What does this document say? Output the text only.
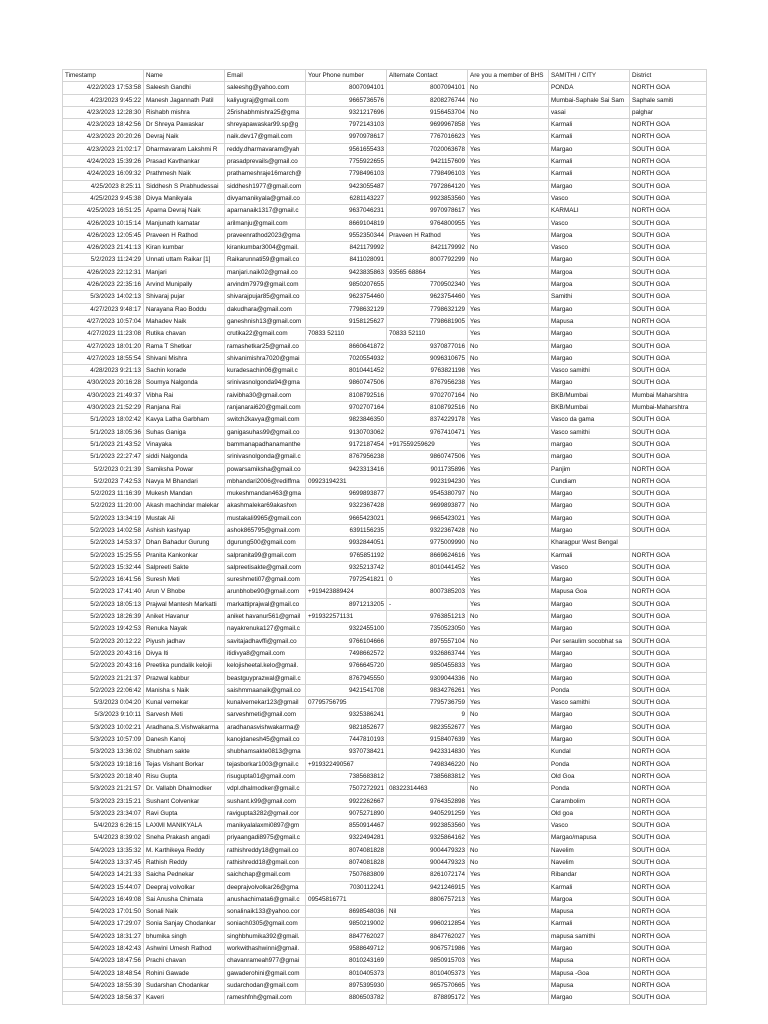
Timestamp	Name	Email	Your Phone number	Alternate Contact	Are you a member of BHS	SAMITHI / CITY	District
4/22/2023 17:53:58	Saleesh Gandhi	saleeshg@yahoo.com	8007094101	8007094101	No	PONDA	NORTH GOA
4/23/2023 9:45:22	Manesh Jagannath Patil	kaliyugraj@gmail.com	9665736576	8208276744	No	Mumbai-Saphale Sai Sam	Saphale samiti
4/23/2023 12:28:30	Rishabh mishra	25rishabhmishra25@gma	9321217696	9156453704	No	vasai	palghar
4/23/2023 18:42:56	Dr Shreya Pawaskar	shreyapawaskar99.sp@g	7972143103	9699967858	Yes	Karmali	NORTH GOA
4/23/2023 20:20:26	Devraj Naik	naik.dev17@gmail.com	9970978617	7767016623	Yes	Karmali	NORTH GOA
4/23/2023 21:02:17	Dharmavaram Lakshmi R	reddy.dharmavaram@yah	9561655433	7020063678	Yes	Margao	SOUTH GOA
4/24/2023 15:39:26	Prasad Kavthankar	prasadprevails@gmail.co	7755922655	9421157609	Yes	Karmali	NORTH GOA
4/24/2023 16:09:32	Prathmesh Naik	prathameshraje16march@	7798496103	7798496103	Yes	Karmali	NORTH GOA
4/25/2023 8:25:11	Siddhesh S Prabhudessai	siddhesh1977@gmail.com	9423055487	7972864120	Yes	Margao	SOUTH GOA
4/25/2023 9:45:38	Divya Manikyala	divyamanikyala@gmail.co	6281143227	9923853560	Yes	Vasco	SOUTH GOA
4/25/2023 16:51:25	Aparna Devraj Naik	aparnanaik1317@gmail.c	9637046231	9970978617	Yes	KARMALI	NORTH GOA
4/26/2023 10:15:14	Manjunath kamatar	arilmanju@gmail.com	8669104819	9764800955	Yes	Vasco	SOUTH GOA
4/26/2023 12:05:45	Praveen H Rathod	praveenrathod2023@gma	9552350344	Praveen H Rathod	Yes	Margoa	SOUTH GOA
4/26/2023 21:41:13	Kiran kumbar	kirankumbar3004@gmail.	8421179992	8421179992	No	Vasco	SOUTH GOA
5/2/2023 11:24:29	Unnati uttam Raikar [1]	Raikarunnati59@gmail.co	8411028091	8007792299	No	Margao	SOUTH GOA
4/26/2023 22:12:31	Manjari	manjari.naik02@gmail.co	9423835863	93565 68864	Yes	Margoa	SOUTH GOA
4/26/2023 22:35:16	Arvind Munipally	arvindm7979@gmail.com	9850207655	7709502340	Yes	Margoa	SOUTH GOA
5/3/2023 14:02:13	Shivaraj pujar	shivarajpujar85@gmail.co	9623754460	9623754460	Yes	Samithi	SOUTH GOA
4/27/2023 9:48:17	Narayana Rao Boddu	dakudhara@gmail.com	7798632129	7798632129	Yes	Margao	SOUTH GOA
4/27/2023 10:57:04	Mahadev Naik	ganeshnish13@gmail.com	9158125627	7798681905	Yes	Mapusa	NORTH GOA
4/27/2023 11:23:08	Rutika chavan	crutika22@gmail.com	70833 52110	70833 52110	Yes	Margao	SOUTH GOA
4/27/2023 18:01:20	Rama T Shetkar	ramashetkar25@gmail.co	8660641872	9370877016	No	Margao	SOUTH GOA
4/27/2023 18:55:54	Shivani Mishra	shivanimishra7020@gmai	7020554932	9096310675	No	Margao	SOUTH GOA
4/28/2023 9:21:13	Sachin korade	kuradesachin06@gmail.c	8010441452	9763821198	Yes	Vasco samithi	SOUTH GOA
4/30/2023 20:16:28	Soumya Nalgonda	srinivasnolgonda94@gma	9860747506	8767956238	Yes	Margao	SOUTH GOA
4/30/2023 21:49:37	Vibha Rai	raivibha30@gmail.com	8108792516	9702707164	No	BKB/Mumbai	Mumbai Maharshtra
4/30/2023 21:52:29	Ranjana Rai	ranjanarai620@gmail.com	9702707164	8108792516	No	BKB/Mumbai	Mumbai-Maharshtra
5/1/2023 18:02:42	Kavya Latha Garbham	switch2kavya@gmail.com	9823846350	8374229178	Yes	Vasco da gama	SOUTH GOA
5/1/2023 18:05:36	Suhas Ganiga	ganigasuhas99@gmail.co	9130703062	9767410471	Yes	Vasco samithi	SOUTH GOA
5/1/2023 21:43:52	Vinayaka	bammanapadhanamanthe	9172187454	+917559259629	Yes	margao	SOUTH GOA
5/1/2023 22:27:47	siddi Nalgonda	srinivasnolgonda@gmail.c	8767956238	9860747506	Yes	margao	SOUTH GOA
5/2/2023 0:21:39	Samiksha Powar	powarsamiksha@gmail.co	9423313416	9011735896	Yes	Panjim	NORTH GOA
5/2/2023 7:42:53	Navya M Bhandari	mbhandari2006@rediffma	09923194231	9923194230	Yes	Cundiam	NORTH GOA
5/2/2023 11:16:39	Mukesh Mandan	mukeshmandan463@gma	9699893877	9545380797	No	Margao	SOUTH GOA
5/2/2023 11:20:00	Akash machindar malekar	akashmalekar69akashxn	9322367428	9699893877	No	Margao	SOUTH GOA
5/2/2023 13:34:19	Mustak Ali	mustakali9965@gmail.con	9665423021	9665423021	Yes	Margao	SOUTH GOA
5/2/2023 14:02:58	Ashish kashyap	ashok865795@gmail.com	6391156235	9322367428	No	Margao	SOUTH GOA
5/2/2023 14:53:37	Dhan Bahadur Gurung	dgurung500@gmail.com	9932844051	9775009990	No	Kharagpur West Bengal	
5/2/2023 15:25:55	Pranita Kankonkar	salpranita99@gmail.com	9765851192	8669624616	Yes	Karmali	NORTH GOA
5/2/2023 15:32:44	Salpreeti Sakte	salpreetisakte@gmail.com	9325213742	8010441452	Yes	Vasco	SOUTH GOA
5/2/2023 16:41:56	Suresh Meti	sureshmeti07@gmail.com	7972541821	0	Yes	Margao	SOUTH GOA
5/2/2023 17:41:40	Arun V Bhobe	arunbhobe90@gmail.com	+919423889424	8007385203	Yes	Mapusa Goa	NORTH GOA
5/2/2023 18:05:13	Prajwal Mantesh Markatti	markattiprajwal@gmail.co	8971213205	-	Yes	Margao	SOUTH GOA
5/2/2023 18:26:39	Aniket Havanur	aniket havanur561@gmail	+919322571131	9763851213	No	Margao	SOUTH GOA
5/2/2023 19:42:53	Renuka Nayak	nayakrenuka127@gmail.c	9322455100	7350523050	Yes	Margao	SOUTH GOA
5/2/2023 20:12:22	Piyush jadhav	savitajadhavffi@gmail.co	9766104666	8975557104	No	Per seraulim socobhat sa	SOUTH GOA
5/2/2023 20:43:16	Divya Iti	itidivya8@gmail.com	7498662572	9326863744	Yes	Margao	SOUTH GOA
5/2/2023 20:43:16	Preetika pundalik kelojii	kelojisheetal.kelo@gmail.	9766645720	9850455833	Yes	Margao	SOUTH GOA
5/2/2023 21:21:37	Prazwal kabbur	beastguyprazwal@gmail.c	8767945550	9309044336	No	Margao	SOUTH GOA
5/2/2023 22:06:42	Manisha s Naik	saishmmaanaik@gmail.co	9421541708	9834276261	Yes	Ponda	SOUTH GOA
5/3/2023 0:04:20	Kunal vernekar	kunalvernekar123@gmail	07795756795	7795736759	Yes	Vasco samithi	SOUTH GOA
5/3/2023 9:10:11	Sarvesh Meti	sarveshmeti@gmail.com	9325386241	9	No	Margao	SOUTH GOA
5/3/2023 10:02:21	Aradhana.S.Vishwakarma	aradhanasvishwakarma@	9821852677	9823552677	Yes	Margao	SOUTH GOA
5/3/2023 10:57:09	Danesh Kanoj	kanojdanesh45@gmail.co	7447810193	9158407639	Yes	Margao	SOUTH GOA
5/3/2023 13:36:02	Shubham sakte	shubhamsakte0813@gma	9370738421	9423314830	Yes	Kundal	NORTH GOA
5/3/2023 19:18:16	Tejas Vishant Borkar	tejasborkar1003@gmail.c	+919322490567	7498346220	No	Ponda	NORTH GOA
5/3/2023 20:18:40	Risu Gupta	risugupta01@gmail.com	7385683812	7385683812	Yes	Old Goa	NORTH GOA
5/3/2023 21:21:57	Dr. Vallabh Dhalmodker	vdpl.dhalmodker@gmail.c	7507272921	08322314463	No	Ponda	NORTH GOA
5/3/2023 23:15:21	Sushant Colvenkar	sushant.k99@gmail.com	9922262667	9764352898	Yes	Carambolim	NORTH GOA
5/3/2023 23:34:07	Ravi Gupta	ravigupta3282@gmail.cor	9075271890	9405291259	Yes	Old goa	NORTH GOA
5/4/2023 6:26:15	LAXMI MANIKYALA	manikyalalaxmi0897@gm	8550914467	9923853560	Yes	Vasco	SOUTH GOA
5/4/2023 8:39:02	Sneha Prakash angadi	priyaangadi8975@gmail.c	9322494281	9325864162	Yes	Margao/mapusa	SOUTH GOA
5/4/2023 13:35:32	M. Karthikeya Reddy	rathishreddy18@gmail.co	8074081828	9004479323	No	Navelim	SOUTH GOA
5/4/2023 13:37:45	Rathish Reddy	rathishredd18@gmail.con	8074081828	9004479323	No	Navelim	SOUTH GOA
5/4/2023 14:21:33	Saicha Pednekar	saichchap@gmail.com	7507683809	8261072174	Yes	Ribandar	NORTH GOA
5/4/2023 15:44:07	Deepraj volvolkar	deeprajvolvolkar26@gma	7030112241	9421246915	Yes	Karmali	NORTH GOA
5/4/2023 16:49:08	Sai Anusha Chimata	anushachimata6@gmail.c	09545816771	8806757213	Yes	Margoa	SOUTH GOA
5/4/2023 17:01:50	Sonali Naik	sonalinaik133@yahoo.cor	8698548036	Nil	Yes	Mapusa	NORTH GOA
5/4/2023 17:29:07	Sonia Sanjay Chodankar	soniach0305@gmail.com	9850219002	9960212854	Yes	Karmali	NORTH GOA
5/4/2023 18:31:27	bhumika singh	singhbhumika392@gmail.	8847762027	8847762027	Yes	mapusa samithi	NORTH GOA
5/4/2023 18:42:43	Ashwini Umesh Rathod	workwithashwinni@gmail.	9588649712	9067571986	Yes	Margao	SOUTH GOA
5/4/2023 18:47:56	Prachi chavan	chavanrameah977@gmai	8010243169	9850915703	Yes	Mapusa	NORTH GOA
5/4/2023 18:48:54	Rohini Gawade	gawaderohini@gmail.com	8010405373	8010405373	Yes	Mapusa -Goa	NORTH GOA
5/4/2023 18:55:39	Sudarshan Chodankar	sudarchodan@gmail.com	8975395930	9657570665	Yes	Mapusa	NORTH GOA
5/4/2023 18:56:37	Kaveri	rameshfnh@gmail.com	8806503782	878895172	Yes	Margao	SOUTH GOA
